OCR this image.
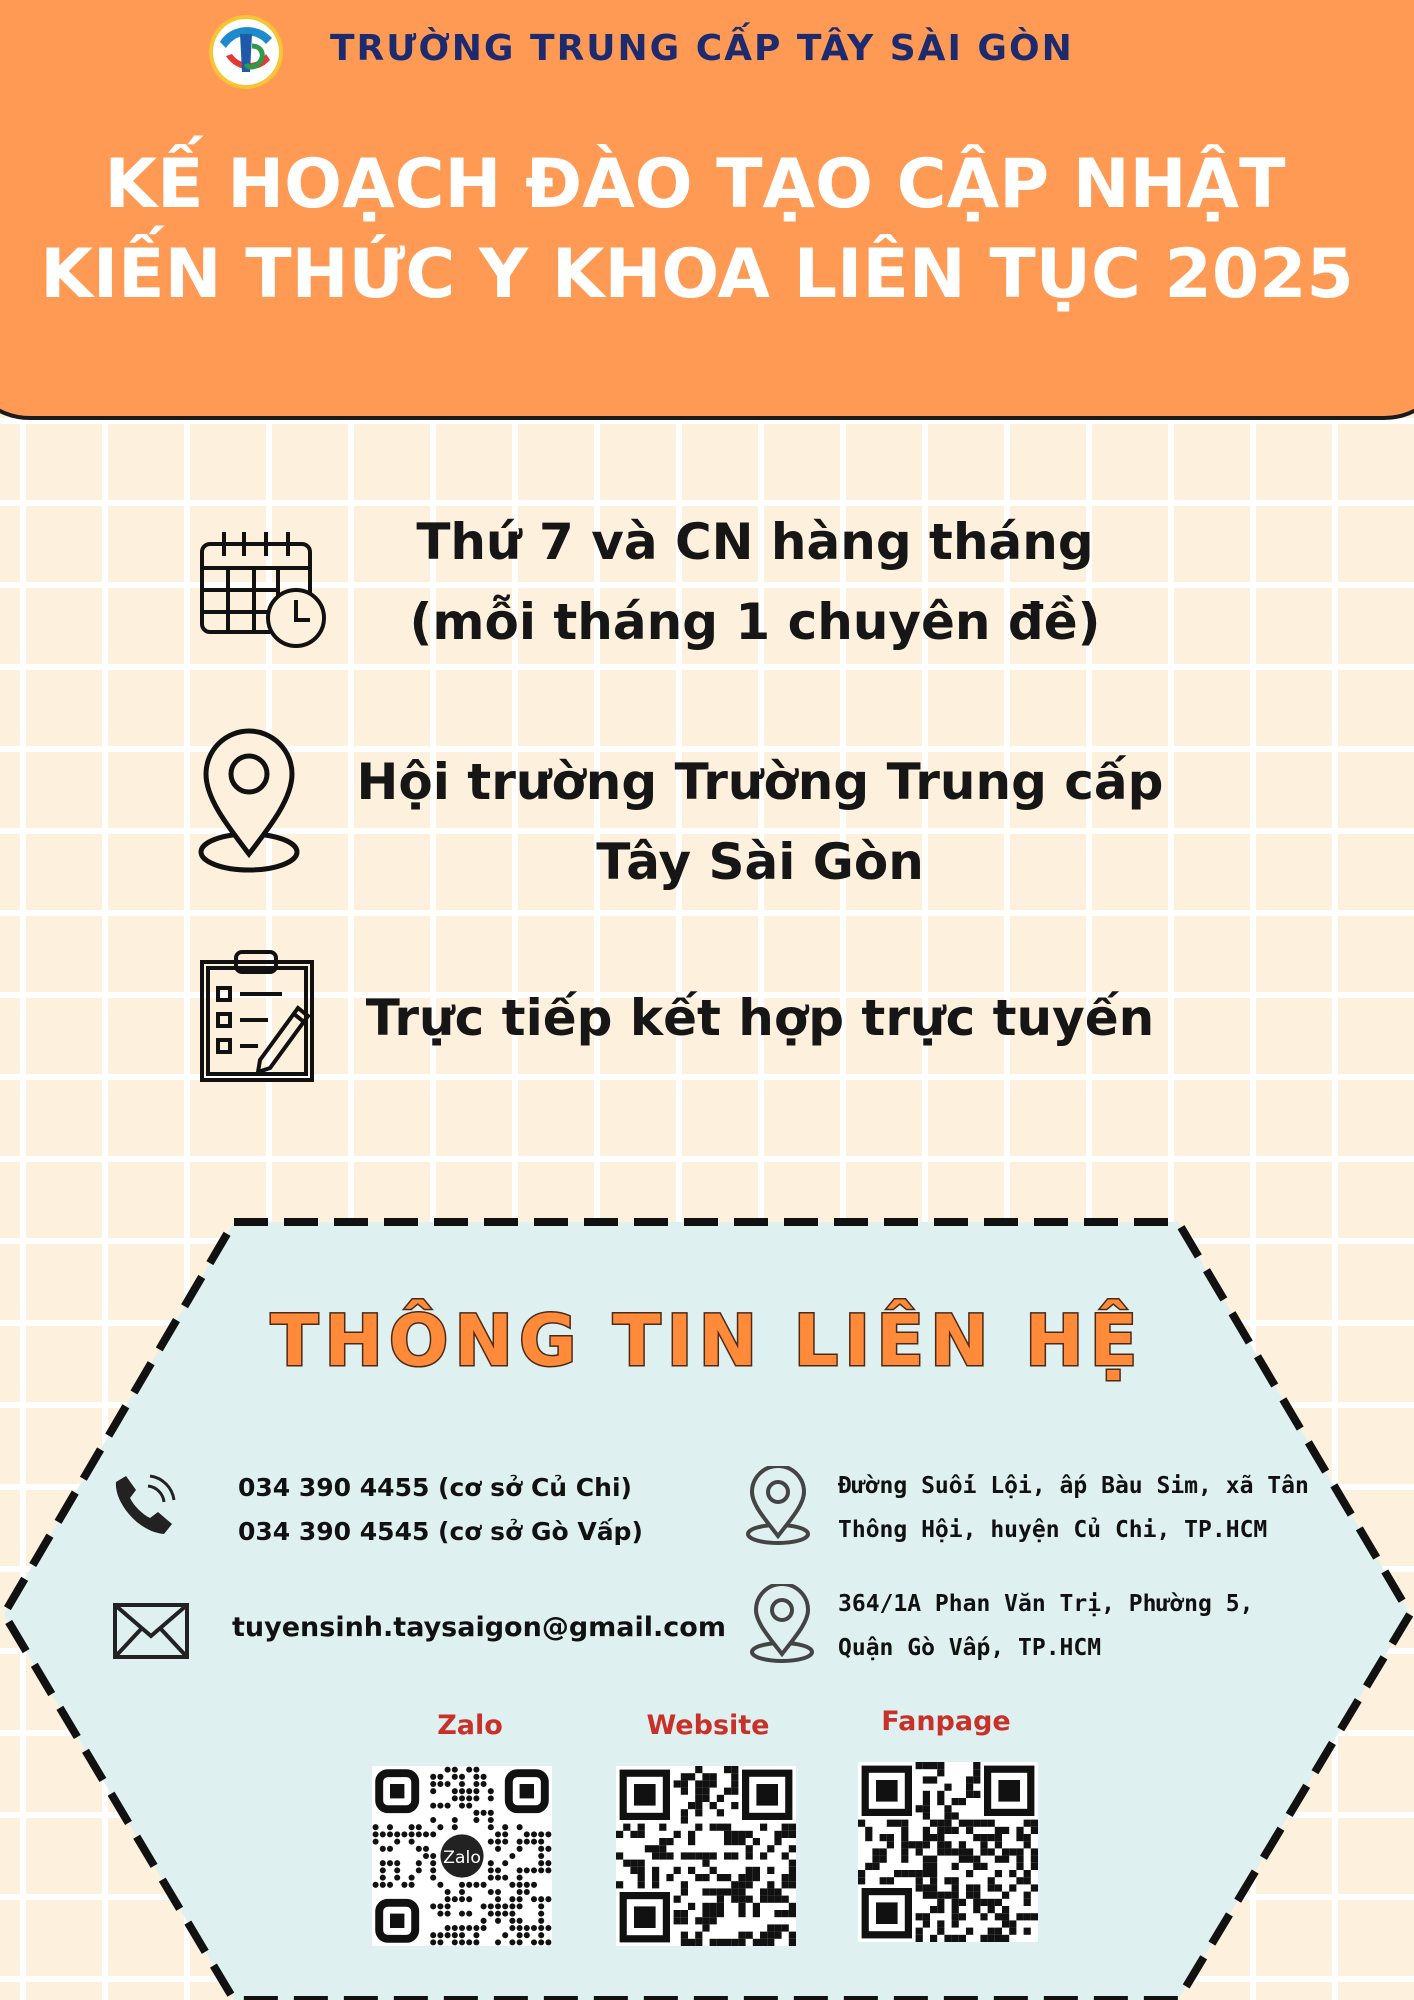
TRƯỜNG TRUNG CẤP TÂY SÀI GÒN
KẾ HOẠCH ĐÀO TẠO CẬP NHẬT
KIẾN THỨC Y KHOA LIÊN TỤC 2025
Thứ 7 và CN hàng tháng
(mỗi tháng 1 chuyên đề)
Hội trường Trường Trung cấp
Tây Sài Gòn
Trực tiếp kết hợp trực tuyến
THÔNG TIN LIÊN HỆ
034 390 4455 (cơ sở Củ Chi)
034 390 4545 (cơ sở Gò Vấp)
tuyensinh.taysaigon@gmail.com
Đường Suối Lội, ấp Bàu Sim, xã Tân
Thông Hội, huyện Củ Chi, TP.HCM
364/1A Phan Văn Trị, Phường 5,
Quận Gò Vấp, TP.HCM
Zalo	Website	Fanpage
Zalo
